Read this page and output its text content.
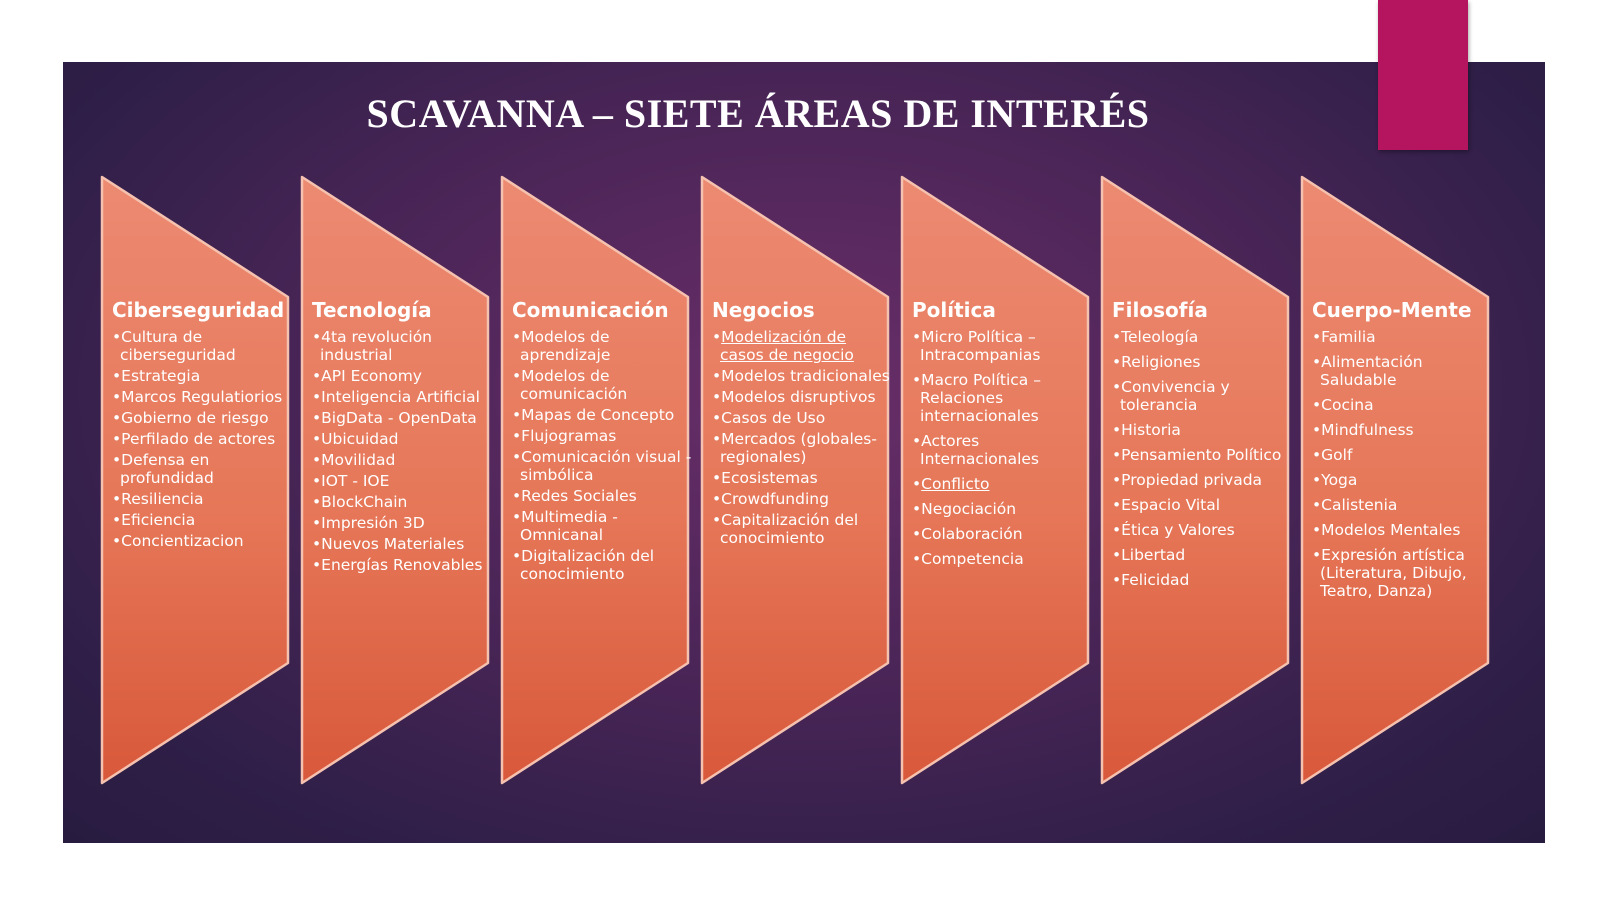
SCAVANNA – SIETE ÁREAS DE INTERÉS
Ciberseguridad
• Cultura de ciberseguridad
• Estrategia
• Marcos Regulatiorios
• Gobierno de riesgo
• Perfilado de actores
• Defensa en profundidad
• Resiliencia
• Eficiencia
• Concientizacion
Tecnología
• 4ta revolución industrial
• API Economy
• Inteligencia Artificial
• BigData - OpenData
• Ubicuidad
• Movilidad
• IOT - IOE
• BlockChain
• Impresión 3D
• Nuevos Materiales
• Energías Renovables
Comunicación
• Modelos de aprendizaje
• Modelos de comunicación
• Mapas de Concepto
• Flujogramas
• Comunicación visual - simbólica
• Redes Sociales
• Multimedia - Omnicanal
• Digitalización del conocimiento
Negocios
• Modelización de casos de negocio
• Modelos tradicionales
• Modelos disruptivos
• Casos de Uso
• Mercados (globales- regionales)
• Ecosistemas
• Crowdfunding
• Capitalización del conocimiento
Política
• Micro Política – Intracompanias
• Macro Política – Relaciones internacionales
• Actores Internacionales
• Conflicto
• Negociación
• Colaboración
• Competencia
Filosofía
• Teleología
• Religiones
• Convivencia y tolerancia
• Historia
• Pensamiento Político
• Propiedad privada
• Espacio Vital
• Ética y Valores
• Libertad
• Felicidad
Cuerpo-Mente
• Familia
• Alimentación Saludable
• Cocina
• Mindfulness
• Golf
• Yoga
• Calistenia
• Modelos Mentales
• Expresión artística (Literatura, Dibujo, Teatro, Danza)
